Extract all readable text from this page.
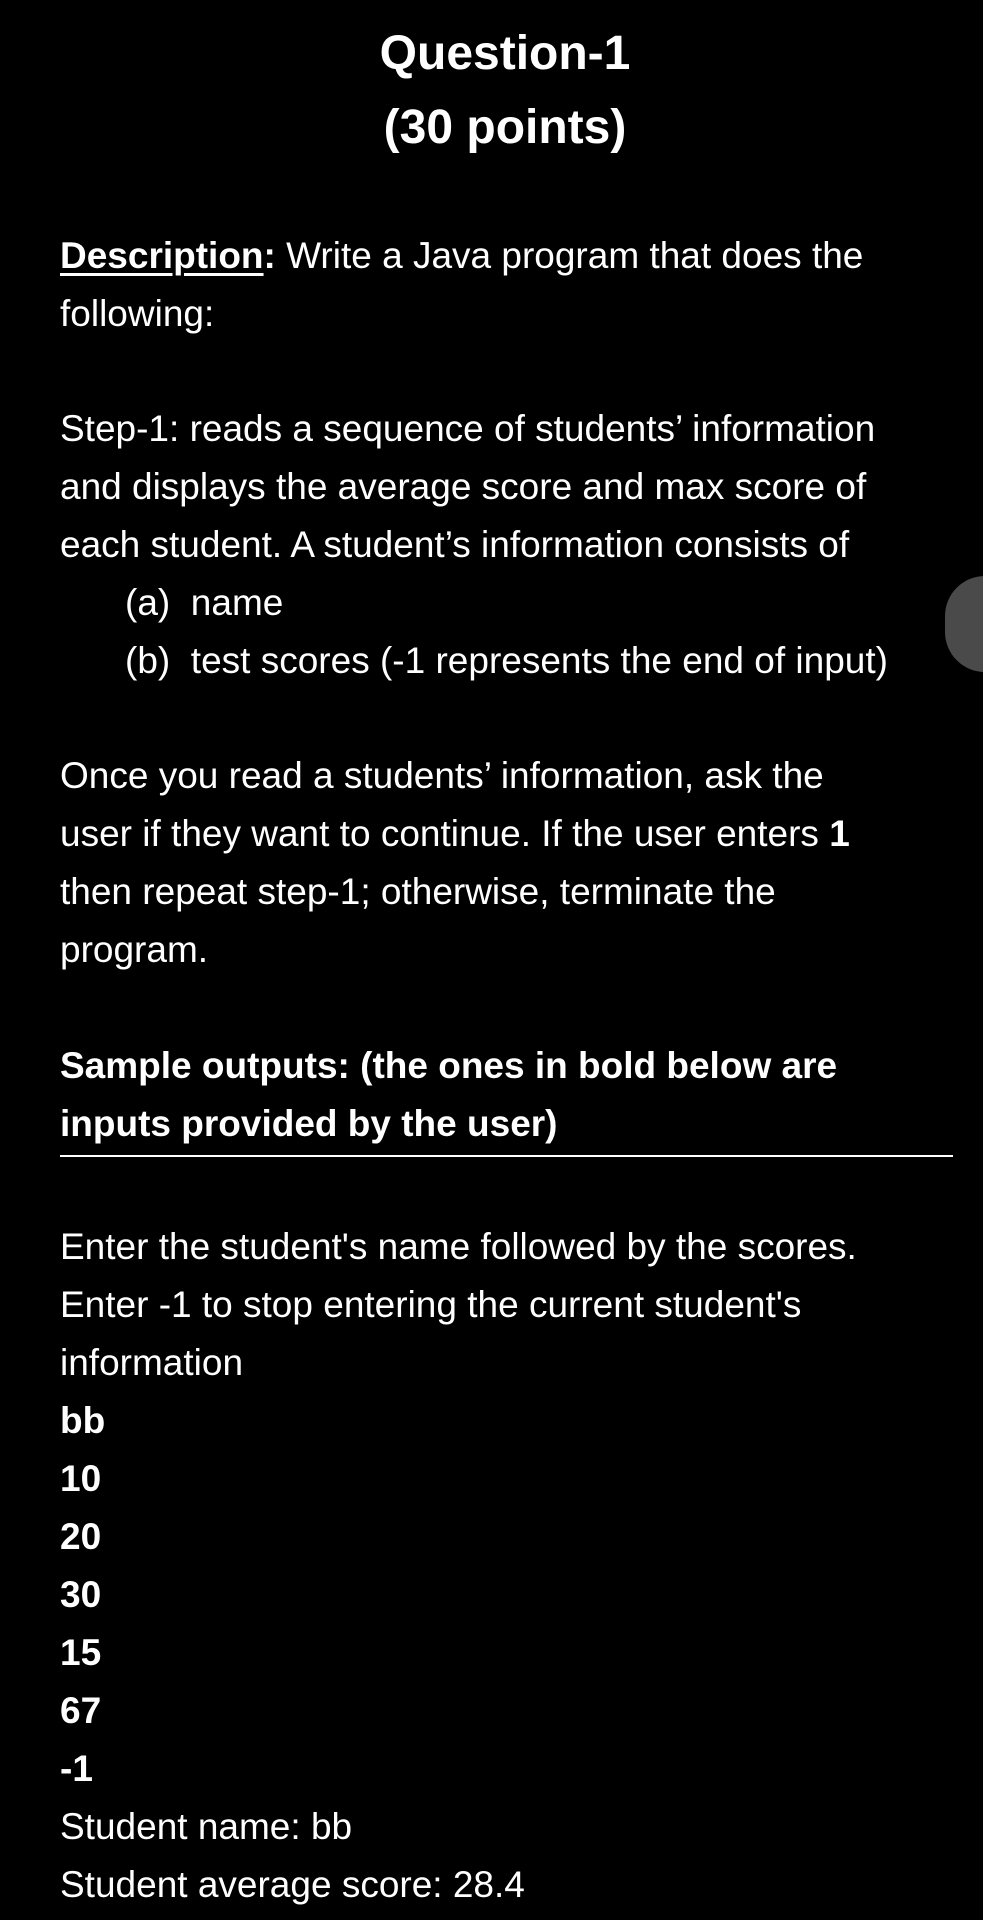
Question-1
(30 points)

Description: Write a Java program that does the

following:

Step-1: reads a sequence of students’ information

and displays the average score and max score of

each student. A student’s information consists of

(a) name

(b) test scores (-1 represents the end of input)

Once you read a students’ information, ask the

user if they want to continue. If the user enters 1

then repeat step-1; otherwise, terminate the

program.

Sample outputs: (the ones in bold below are

inputs provided by the user)

Enter the student's name followed by the scores.

Enter -1 to stop entering the current student's

information

bb

10

20

30

15

67

-1

Student name: bb

Student average score: 28.4
